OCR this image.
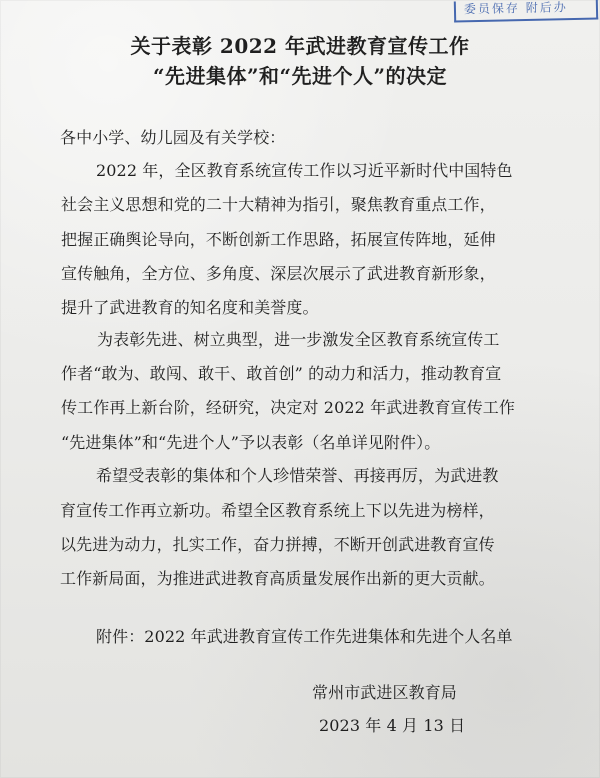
委员保存 附后办
关于表彰 2022 年武进教育宣传工作
“先进集体”和“先进个人”的决定
各中小学、幼儿园及有关学校：
2022 年，全区教育系统宣传工作以习近平新时代中国特色
社会主义思想和党的二十大精神为指引，聚焦教育重点工作，
把握正确舆论导向，不断创新工作思路，拓展宣传阵地，延伸
宣传触角，全方位、多角度、深层次展示了武进教育新形象，
提升了武进教育的知名度和美誉度。
为表彰先进、树立典型，进一步激发全区教育系统宣传工
作者“敢为、敢闯、敢干、敢首创” 的动力和活力，推动教育宣
传工作再上新台阶，经研究，决定对 2022 年武进教育宣传工作
“先进集体”和“先进个人”予以表彰（名单详见附件）。
希望受表彰的集体和个人珍惜荣誉、再接再厉，为武进教
育宣传工作再立新功。希望全区教育系统上下以先进为榜样，
以先进为动力，扎实工作，奋力拼搏，不断开创武进教育宣传
工作新局面，为推进武进教育高质量发展作出新的更大贡献。
附件：2022 年武进教育宣传工作先进集体和先进个人名单
常州市武进区教育局
2023 年 4 月 13 日
